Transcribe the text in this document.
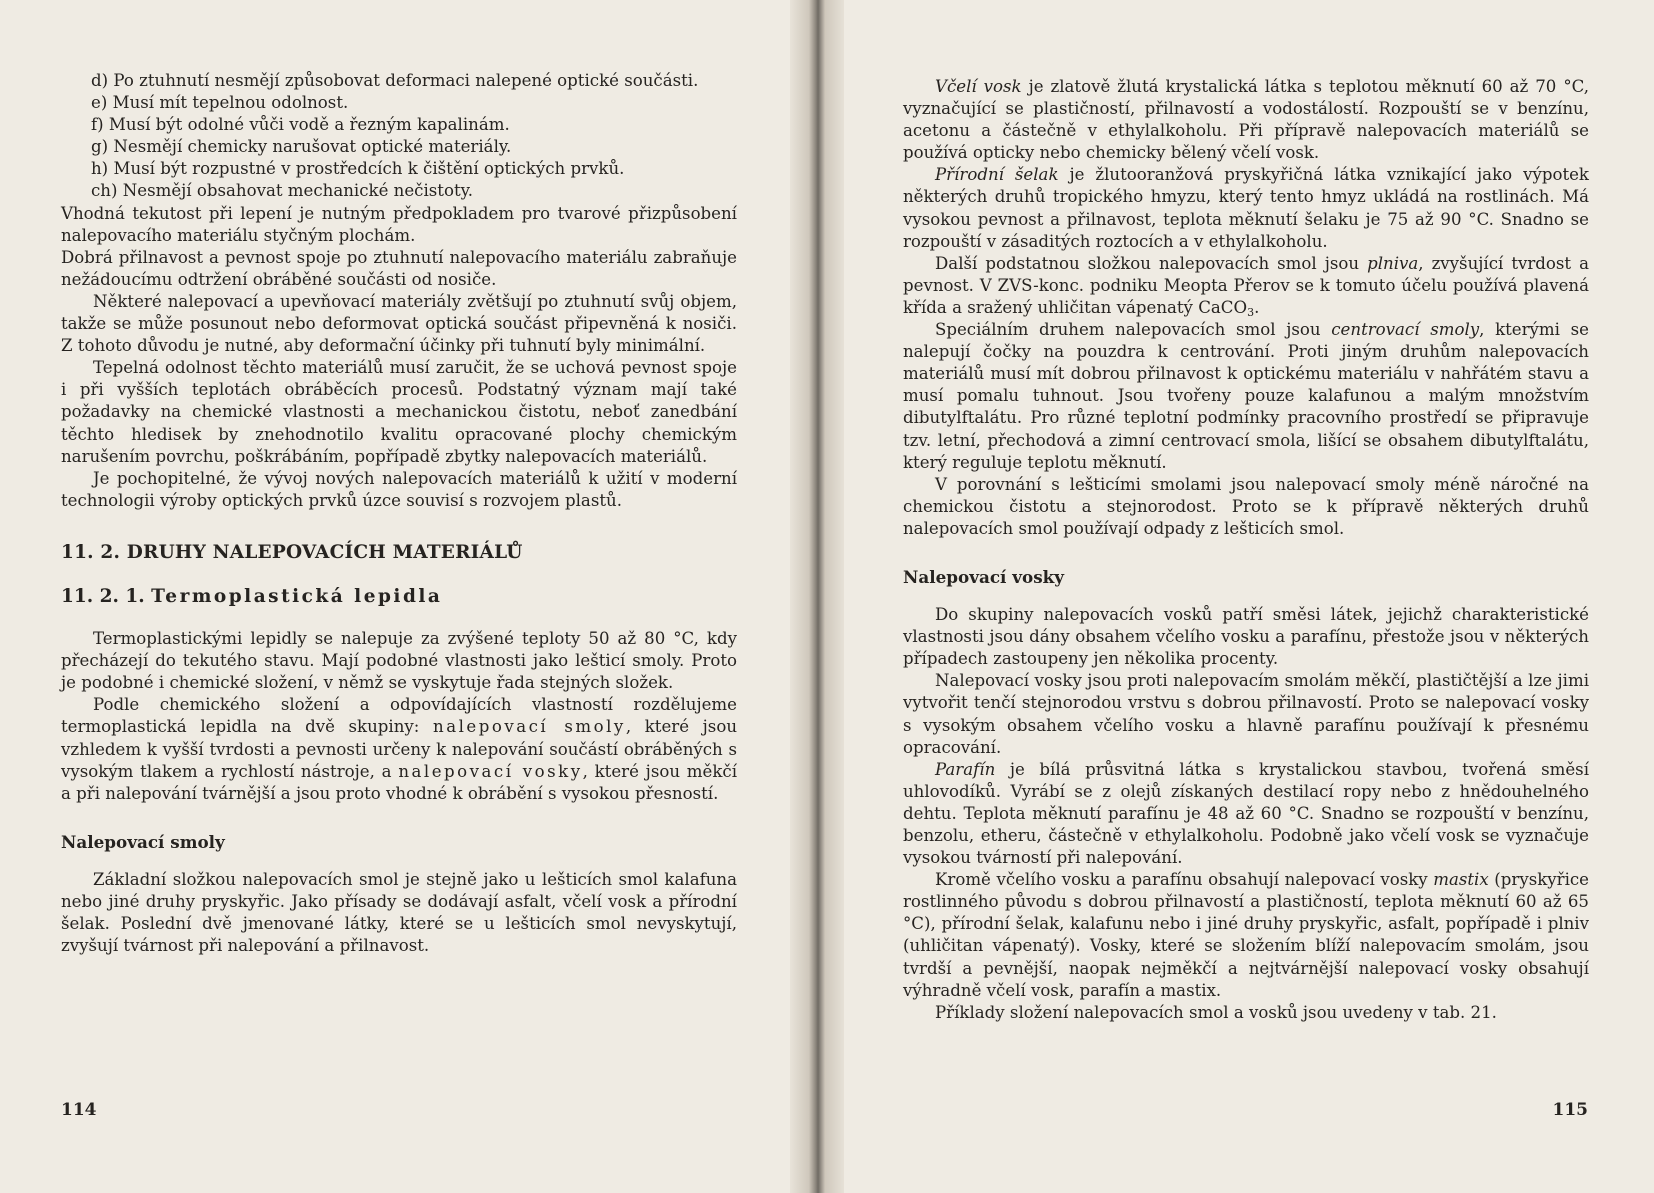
d) Po ztuhnutí nesmějí způsobovat deformaci nalepené optické součásti.

e) Musí mít tepelnou odolnost.

f) Musí být odolné vůči vodě a řezným kapalinám.

g) Nesmějí chemicky narušovat optické materiály.

h) Musí být rozpustné v prostředcích k čištění optických prvků.

ch) Nesmějí obsahovat mechanické nečistoty.

Vhodná tekutost při lepení je nutným předpokladem pro tvarové přizpůsobení nalepovacího materiálu styčným plochám.

Dobrá přilnavost a pevnost spoje po ztuhnutí nalepovacího materiálu zabraňuje nežádoucímu odtržení obráběné součásti od nosiče.

Některé nalepovací a upevňovací materiály zvětšují po ztuhnutí svůj objem, takže se může posunout nebo deformovat optická součást připevněná k nosiči. Z tohoto důvodu je nutné, aby deformační účinky při tuhnutí byly minimální.

Tepelná odolnost těchto materiálů musí zaručit, že se uchová pevnost spoje i při vyšších teplotách obráběcích procesů. Podstatný význam mají také požadavky na chemické vlastnosti a mechanickou čistotu, neboť zanedbání těchto hledisek by znehodnotilo kvalitu opracované plochy chemickým narušením povrchu, poškrábáním, popřípadě zbytky nalepovacích materiálů.

Je pochopitelné, že vývoj nových nalepovacích materiálů k užití v moderní technologii výroby optických prvků úzce souvisí s rozvojem plastů.

11. 2. DRUHY NALEPOVACÍCH MATERIÁLŮ
11. 2. 1. Termoplastická lepidla

Termoplastickými lepidly se nalepuje za zvýšené teploty 50 až 80 °C, kdy přecházejí do tekutého stavu. Mají podobné vlastnosti jako lešticí smoly. Proto je podobné i chemické složení, v němž se vyskytuje řada stejných složek.

Podle chemického složení a odpovídajících vlastností rozdělujeme termoplastická lepidla na dvě skupiny: nalepovací smoly, které jsou vzhledem k vyšší tvrdosti a pevnosti určeny k nalepování součástí obráběných s vysokým tlakem a rychlostí nástroje, a nalepovací vosky, které jsou měkčí a při nalepování tvárnější a jsou proto vhodné k obrábění s vysokou přesností.

Nalepovací smoly

Základní složkou nalepovacích smol je stejně jako u lešticích smol kalafuna nebo jiné druhy pryskyřic. Jako přísady se dodávají asfalt, včelí vosk a přírodní šelak. Poslední dvě jmenované látky, které se u lešticích smol nevyskytují, zvyšují tvárnost při nalepování a přilnavost.

114

Včelí vosk je zlatově žlutá krystalická látka s teplotou měknutí 60 až 70 °C, vyznačující se plastičností, přilnavostí a vodostálostí. Rozpouští se v benzínu, acetonu a částečně v ethylalkoholu. Při přípravě nalepovacích materiálů se používá opticky nebo chemicky bělený včelí vosk.

Přírodní šelak je žlutooranžová pryskyřičná látka vznikající jako výpotek některých druhů tropického hmyzu, který tento hmyz ukládá na rostlinách. Má vysokou pevnost a přilnavost, teplota měknutí šelaku je 75 až 90 °C. Snadno se rozpouští v zásaditých roztocích a v ethylalkoholu.

Další podstatnou složkou nalepovacích smol jsou plniva, zvyšující tvrdost a pevnost. V ZVS-konc. podniku Meopta Přerov se k tomuto účelu používá plavená křída a sražený uhličitan vápenatý CaCO$_3$.

Speciálním druhem nalepovacích smol jsou centrovací smoly, kterými se nalepují čočky na pouzdra k centrování. Proti jiným druhům nalepovacích materiálů musí mít dobrou přilnavost k optickému materiálu v nahřátém stavu a musí pomalu tuhnout. Jsou tvořeny pouze kalafunou a malým množstvím dibutylftalátu. Pro různé teplotní podmínky pracovního prostředí se připravuje tzv. letní, přechodová a zimní centrovací smola, lišící se obsahem dibutylftalátu, který reguluje teplotu měknutí.

V porovnání s lešticími smolami jsou nalepovací smoly méně náročné na chemickou čistotu a stejnorodost. Proto se k přípravě některých druhů nalepovacích smol používají odpady z lešticích smol.

Nalepovací vosky

Do skupiny nalepovacích vosků patří směsi látek, jejichž charakteristické vlastnosti jsou dány obsahem včelího vosku a parafínu, přestože jsou v některých případech zastoupeny jen několika procenty.

Nalepovací vosky jsou proti nalepovacím smolám měkčí, plastičtější a lze jimi vytvořit tenčí stejnorodou vrstvu s dobrou přilnavostí. Proto se nalepovací vosky s vysokým obsahem včelího vosku a hlavně parafínu používají k přesnému opracování.

Parafín je bílá průsvitná látka s krystalickou stavbou, tvořená směsí uhlovodíků. Vyrábí se z olejů získaných destilací ropy nebo z hnědouhelného dehtu. Teplota měknutí parafínu je 48 až 60 °C. Snadno se rozpouští v benzínu, benzolu, etheru, částečně v ethylalkoholu. Podobně jako včelí vosk se vyznačuje vysokou tvárností při nalepování.

Kromě včelího vosku a parafínu obsahují nalepovací vosky mastix (pryskyřice rostlinného původu s dobrou přilnavostí a plastičností, teplota měknutí 60 až 65 °C), přírodní šelak, kalafunu nebo i jiné druhy pryskyřic, asfalt, popřípadě i plniv (uhličitan vápenatý). Vosky, které se složením blíží nalepovacím smolám, jsou tvrdší a pevnější, naopak nejměkčí a nejtvárnější nalepovací vosky obsahují výhradně včelí vosk, parafín a mastix.

Příklady složení nalepovacích smol a vosků jsou uvedeny v tab. 21.

115
